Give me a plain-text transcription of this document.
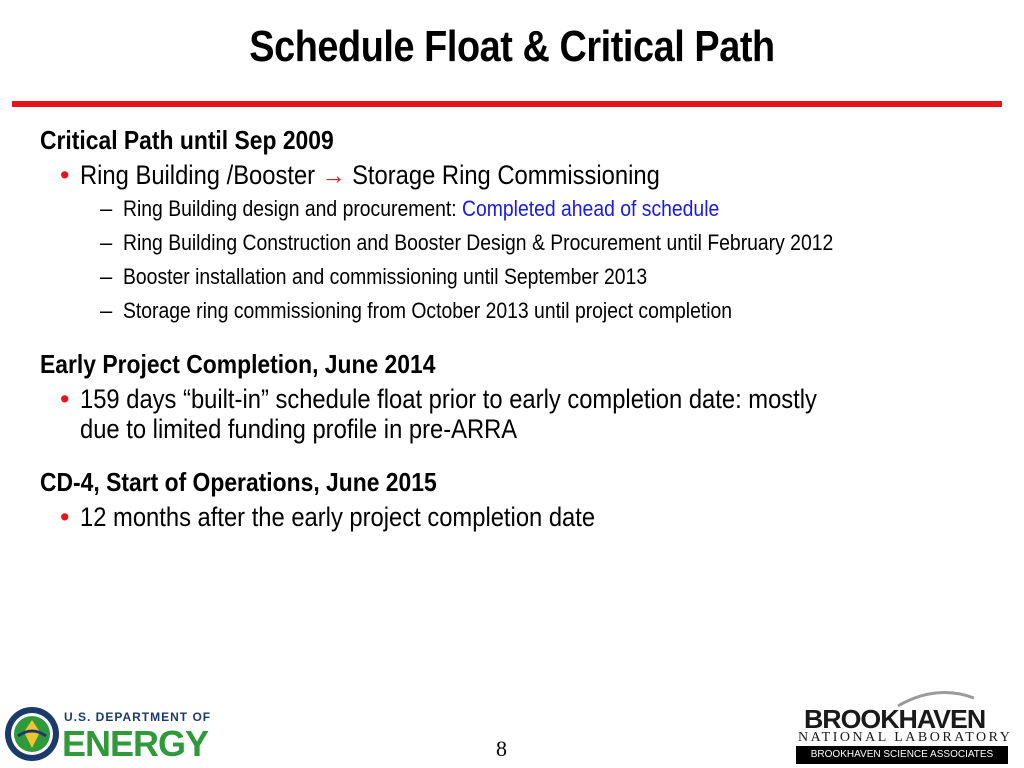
Schedule Float & Critical Path
Critical Path until Sep 2009
• Ring Building /Booster → Storage Ring Commissioning
– Ring Building design and procurement: Completed ahead of schedule
– Ring Building Construction and Booster Design & Procurement until February 2012
– Booster installation and commissioning until September 2013
– Storage ring commissioning from October 2013 until project completion
Early Project Completion, June 2014
• 159 days “built-in” schedule float prior to early completion date: mostly
due to limited funding profile in pre-ARRA
CD-4, Start of Operations, June 2015
• 12 months after the early project completion date
U.S. DEPARTMENT OF
ENERGY	8
BROOKHAVEN
NATIONAL LABORATORY
BROOKHAVEN SCIENCE ASSOCIATES
